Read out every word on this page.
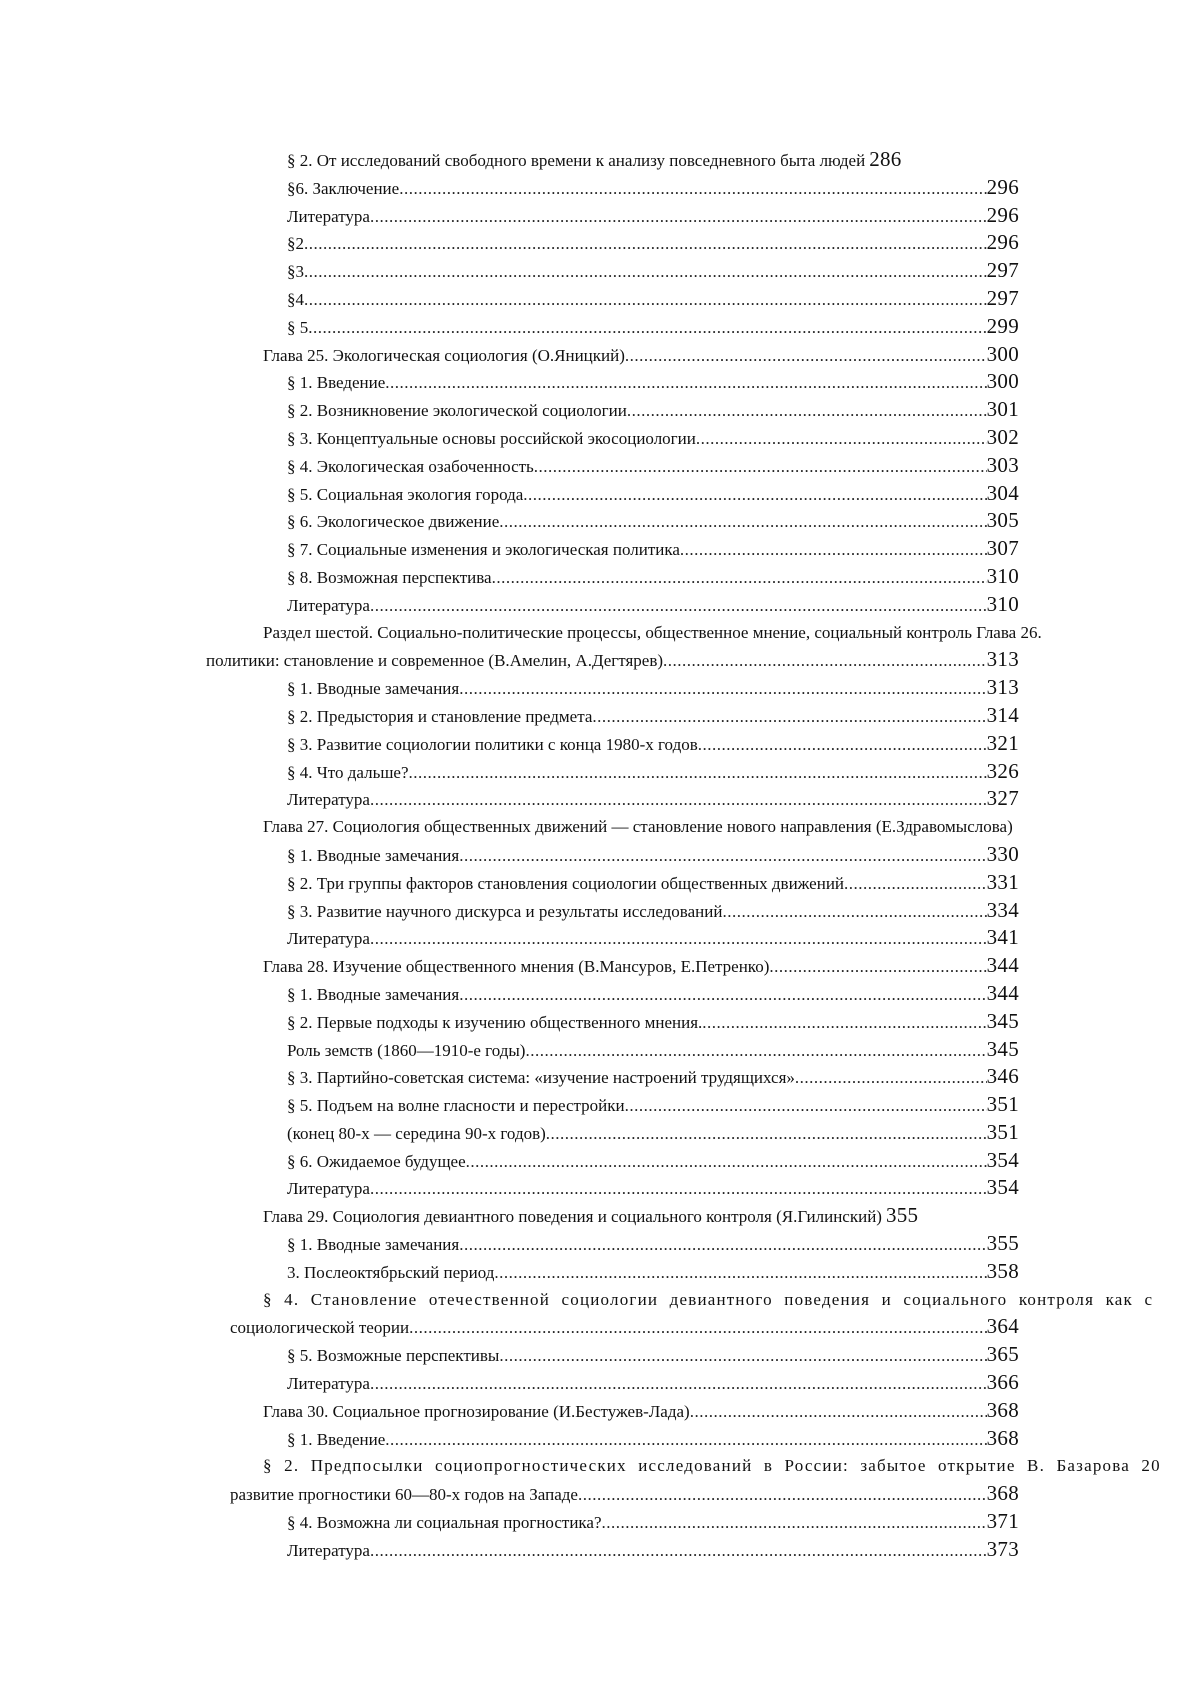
§ 2. От исследований свободного времени к анализу повседневного быта людей 286
§6. Заключение .....	296
Литература .....	296
§2 .....	296
§3 .....	297
§4 .....	297
§ 5 .....	299
Глава 25. Экологическая социология (О.Яницкий) .....	300
§ 1. Введение .....	300
§ 2. Возникновение экологической социологии .....	301
§ 3. Концептуальные основы российской экосоциологии .....	302
§ 4. Экологическая озабоченность .....	303
§ 5. Социальная экология города .....	304
§ 6. Экологическое движение .....	305
§ 7. Социальные изменения и экологическая политика .....	307
§ 8. Возможная перспектива .....	310
Литература .....	310
Раздел шестой. Социально-политические процессы, общественное мнение, социальный контроль Глава 26.
политики: становление и современное (В.Амелин, А.Дегтярев) .....	313
§ 1. Вводные замечания .....	313
§ 2. Предыстория и становление предмета .....	314
§ 3. Развитие социологии политики с конца 1980-х годов .....	321
§ 4. Что дальше? .....	326
Литература .....	327
Глава 27. Социология общественных движений — становление нового направления (Е.Здравомыслова)
§ 1. Вводные замечания .....	330
§ 2. Три группы факторов становления социологии общественных движений .....	331
§ 3. Развитие научного дискурса и результаты исследований .....	334
Литература .....	341
Глава 28. Изучение общественного мнения (В.Мансуров, Е.Петренко) .....	344
§ 1. Вводные замечания .....	344
§ 2. Первые подходы к изучению общественного мнения. .....	345
Роль земств (1860—1910-е годы) .....	345
§ 3. Партийно-советская система: «изучение настроений трудящихся» .....	346
§ 5. Подъем на волне гласности и перестройки .....	351
(конец 80-х — середина 90-х годов) .....	351
§ 6. Ожидаемое будущее .....	354
Литература .....	354
Глава 29. Социология девиантного поведения и социального контроля (Я.Гилинский) 355
§ 1. Вводные замечания .....	355
3. Послеоктябрьский период .....	358
§ 4. Становление отечественной социологии девиантного поведения и социального контроля как с
социологической теории .....	364
§ 5. Возможные перспективы .....	365
Литература .....	366
Глава 30. Социальное прогнозирование (И.Бестужев-Лада) .....	368
§ 1. Введение .....	368
§ 2. Предпосылки социопрогностических исследований в России: забытое открытие В. Базарова 20
развитие прогностики 60—80-х годов на Западе .....	368
§ 4. Возможна ли социальная прогностика? .....	371
Литература .....	373
